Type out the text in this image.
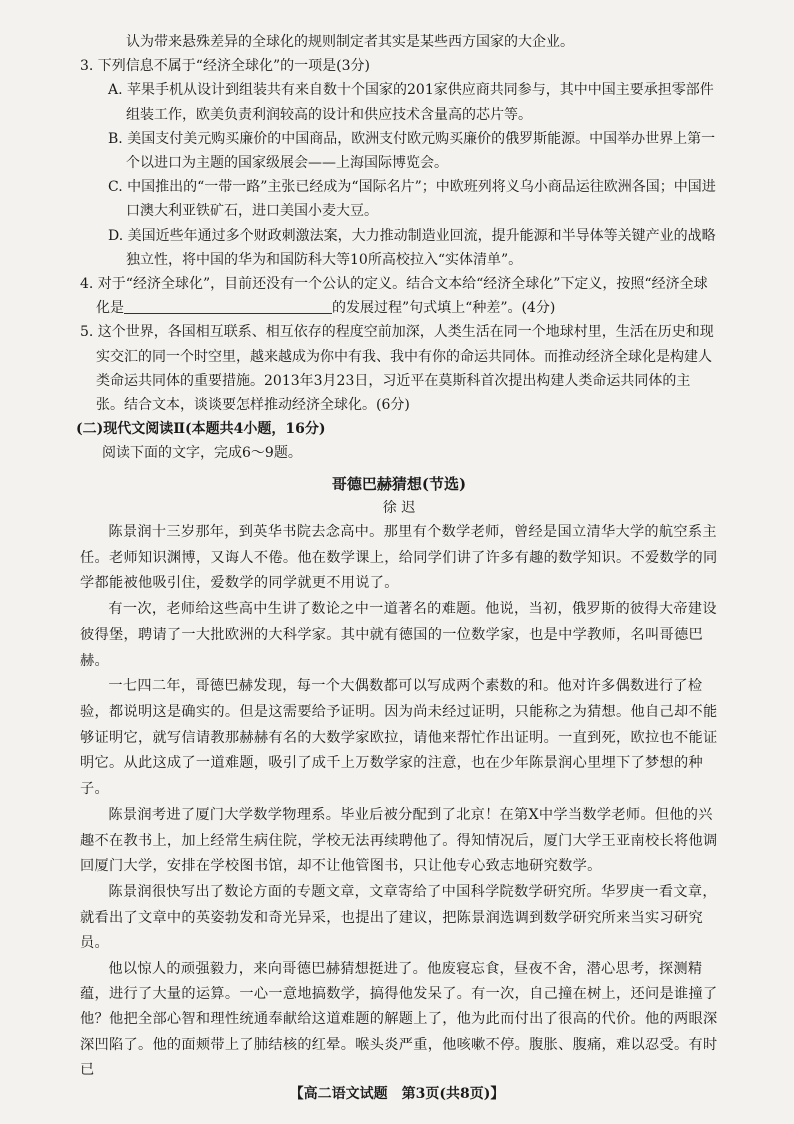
认为带来悬殊差异的全球化的规则制定者其实是某些西方国家的大企业。

3. 下列信息不属于“经济全球化”的一项是(3分)

A. 苹果手机从设计到组装共有来自数十个国家的201家供应商共同参与，其中中国主要承担零部件组装工作，欧美负责利润较高的设计和供应技术含量高的芯片等。

B. 美国支付美元购买廉价的中国商品，欧洲支付欧元购买廉价的俄罗斯能源。中国举办世界上第一个以进口为主题的国家级展会——上海国际博览会。

C. 中国推出的“一带一路”主张已经成为“国际名片”；中欧班列将义乌小商品运往欧洲各国；中国进口澳大利亚铁矿石，进口美国小麦大豆。

D. 美国近些年通过多个财政刺激法案，大力推动制造业回流，提升能源和半导体等关键产业的战略独立性，将中国的华为和国防科大等10所高校拉入“实体清单”。

4. 对于“经济全球化”，目前还没有一个公认的定义。结合文本给“经济全球化”下定义，按照“经济全球化是	的发展过程”句式填上“种差”。(4分)

5. 这个世界，各国相互联系、相互依存的程度空前加深，人类生活在同一个地球村里，生活在历史和现实交汇的同一个时空里，越来越成为你中有我、我中有你的命运共同体。而推动经济全球化是构建人类命运共同体的重要措施。2013年3月23日，习近平在莫斯科首次提出构建人类命运共同体的主张。结合文本，谈谈要怎样推动经济全球化。(6分)

(二)现代文阅读Ⅱ(本题共4小题，16分)

阅读下面的文字，完成6～9题。

哥德巴赫猜想(节选)

徐 迟

陈景润十三岁那年，到英华书院去念高中。那里有个数学老师，曾经是国立清华大学的航空系主任。老师知识渊博，又诲人不倦。他在数学课上，给同学们讲了许多有趣的数学知识。不爱数学的同学都能被他吸引住，爱数学的同学就更不用说了。

有一次，老师给这些高中生讲了数论之中一道著名的难题。他说，当初，俄罗斯的彼得大帝建设彼得堡，聘请了一大批欧洲的大科学家。其中就有德国的一位数学家，也是中学教师，名叫哥德巴赫。

一七四二年，哥德巴赫发现，每一个大偶数都可以写成两个素数的和。他对许多偶数进行了检验，都说明这是确实的。但是这需要给予证明。因为尚未经过证明，只能称之为猜想。他自己却不能够证明它，就写信请教那赫赫有名的大数学家欧拉，请他来帮忙作出证明。一直到死，欧拉也不能证明它。从此这成了一道难题，吸引了成千上万数学家的注意，也在少年陈景润心里埋下了梦想的种子。

陈景润考进了厦门大学数学物理系。毕业后被分配到了北京！在第X中学当数学老师。但他的兴趣不在教书上，加上经常生病住院，学校无法再续聘他了。得知情况后，厦门大学王亚南校长将他调回厦门大学，安排在学校图书馆，却不让他管图书，只让他专心致志地研究数学。

陈景润很快写出了数论方面的专题文章，文章寄给了中国科学院数学研究所。华罗庚一看文章，就看出了文章中的英姿勃发和奇光异采，也提出了建议，把陈景润选调到数学研究所来当实习研究员。

他以惊人的顽强毅力，来向哥德巴赫猜想挺进了。他废寝忘食，昼夜不舍，潜心思考，探测精蕴，进行了大量的运算。一心一意地搞数学，搞得他发呆了。有一次，自己撞在树上，还问是谁撞了他？他把全部心智和理性统通奉献给这道难题的解题上了，他为此而付出了很高的代价。他的两眼深深凹陷了。他的面颊带上了肺结核的红晕。喉头炎严重，他咳嗽不停。腹胀、腹痛，难以忍受。有时已

【高二语文试题　第3页(共8页)】
